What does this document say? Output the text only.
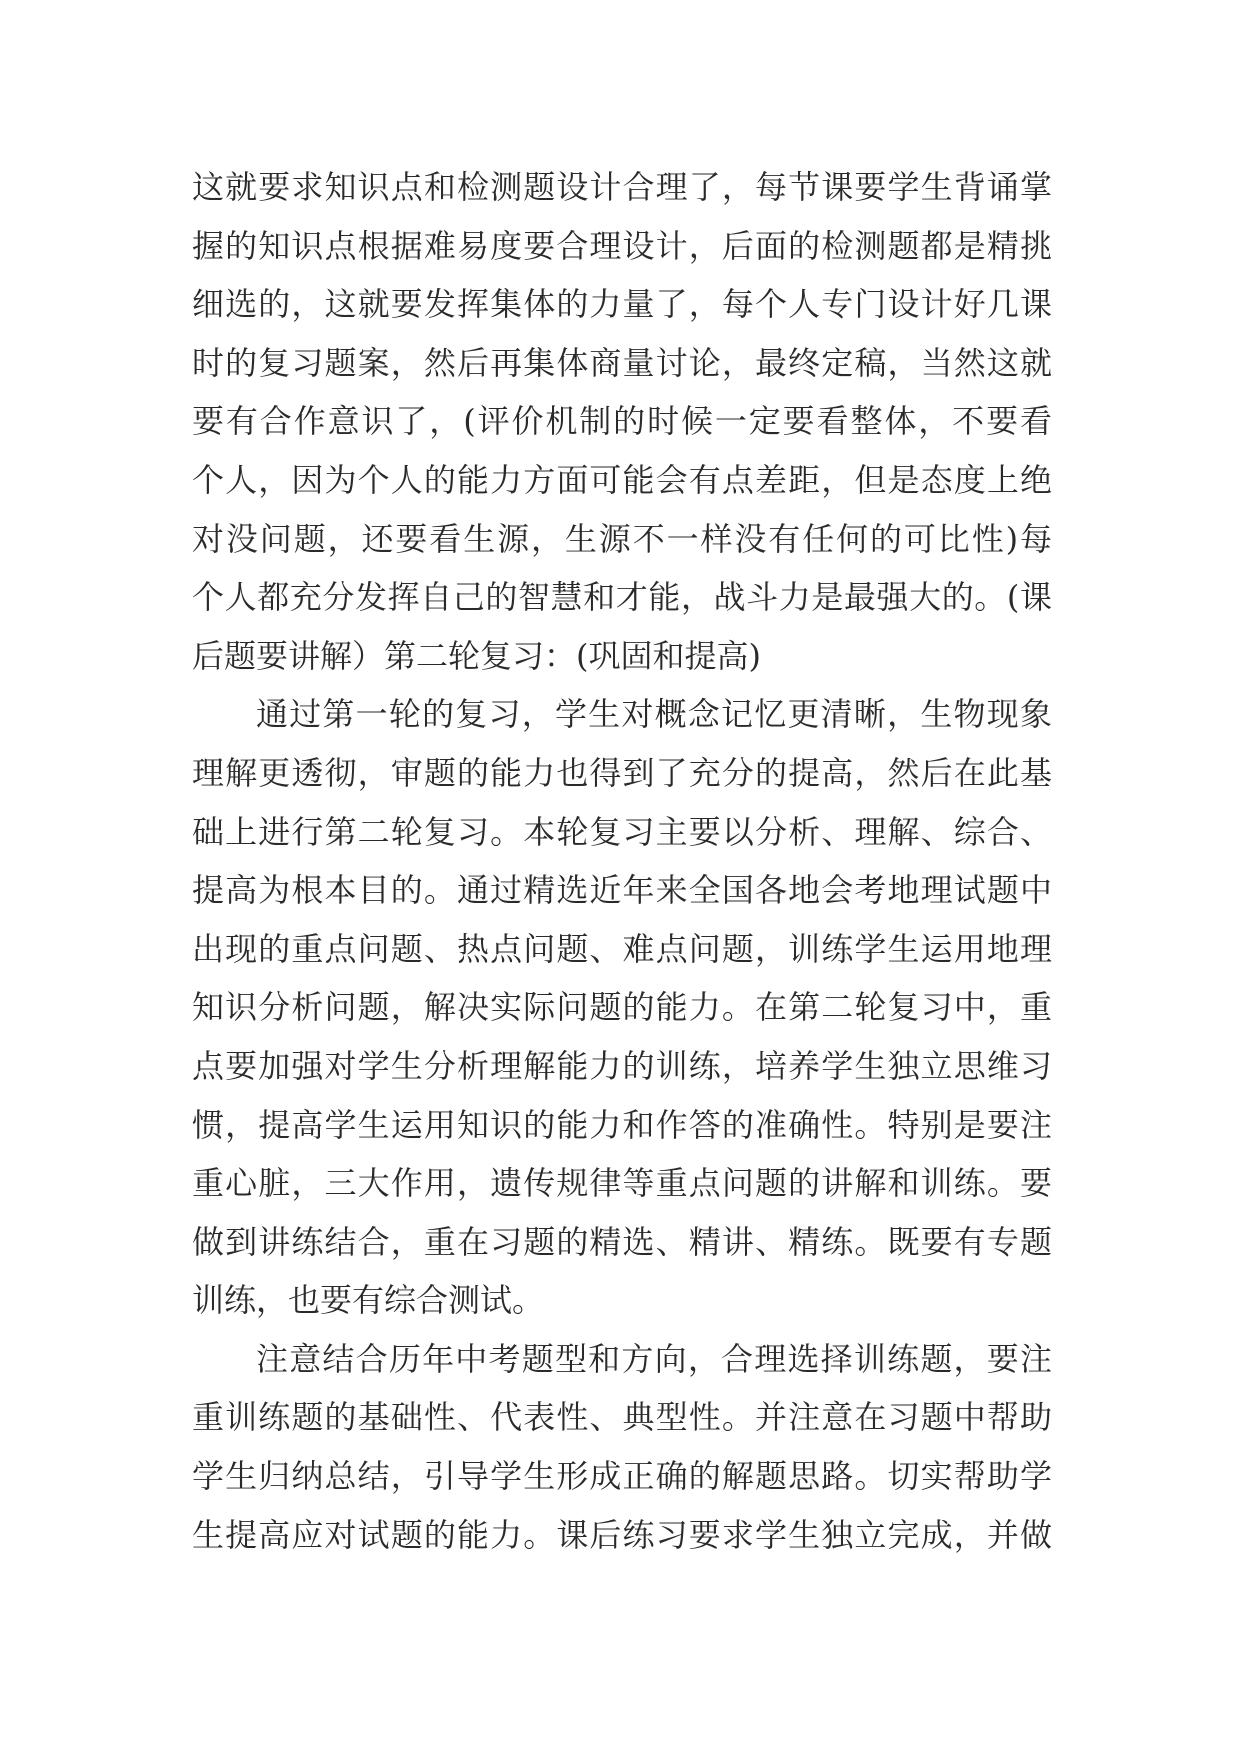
这就要求知识点和检测题设计合理了，每节课要学生背诵掌
握的知识点根据难易度要合理设计，后面的检测题都是精挑
细选的，这就要发挥集体的力量了，每个人专门设计好几课
时的复习题案，然后再集体商量讨论，最终定稿，当然这就
要有合作意识了，(评价机制的时候一定要看整体，不要看
个人，因为个人的能力方面可能会有点差距，但是态度上绝
对没问题，还要看生源，生源不一样没有任何的可比性)每
个人都充分发挥自己的智慧和才能，战斗力是最强大的。(课
后题要讲解）第二轮复习：(巩固和提高)
通过第一轮的复习，学生对概念记忆更清晰，生物现象
理解更透彻，审题的能力也得到了充分的提高，然后在此基
础上进行第二轮复习。本轮复习主要以分析、理解、综合、
提高为根本目的。通过精选近年来全国各地会考地理试题中
出现的重点问题、热点问题、难点问题，训练学生运用地理
知识分析问题，解决实际问题的能力。在第二轮复习中，重
点要加强对学生分析理解能力的训练，培养学生独立思维习
惯，提高学生运用知识的能力和作答的准确性。特别是要注
重心脏，三大作用，遗传规律等重点问题的讲解和训练。要
做到讲练结合，重在习题的精选、精讲、精练。既要有专题
训练，也要有综合测试。
注意结合历年中考题型和方向，合理选择训练题，要注
重训练题的基础性、代表性、典型性。并注意在习题中帮助
学生归纳总结，引导学生形成正确的解题思路。切实帮助学
生提高应对试题的能力。课后练习要求学生独立完成，并做
